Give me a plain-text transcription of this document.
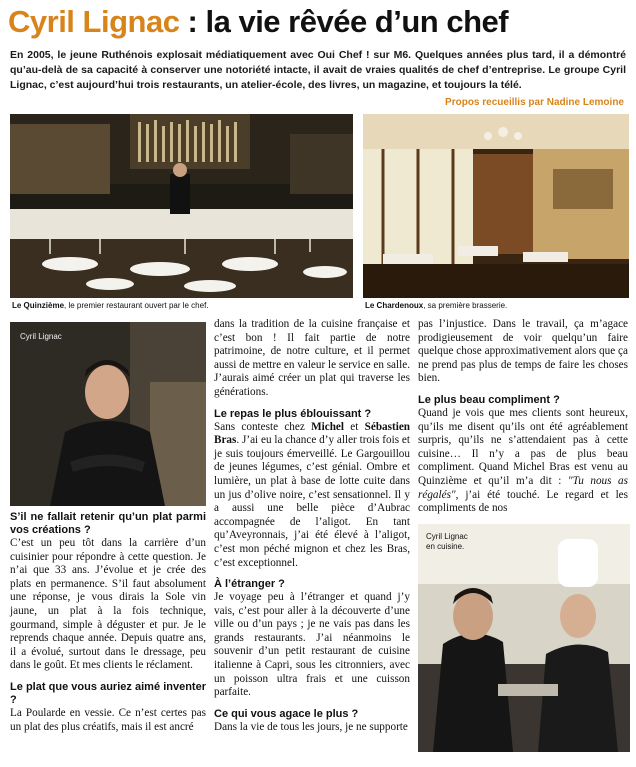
Cyril Lignac : la vie rêvée d’un chef
En 2005, le jeune Ruthénois explosait médiatiquement avec Oui Chef ! sur M6. Quelques années plus tard, il a démontré qu’au-delà de sa capacité à conserver une notoriété intacte, il avait de vraies qualités de chef d’entreprise. Le groupe Cyril Lignac, c’est aujourd’hui trois restaurants, un atelier-école, des livres, un magazine, et toujours la télé.
Propos recueillis par Nadine Lemoine
Le Quinzième, le premier restaurant ouvert par le chef.	Le Chardenoux, sa première brasserie.
Cyril Lignac
Cyril Lignac
en cuisine.
S’il ne fallait retenir qu’un plat parmi vos créations ?

C’est un peu tôt dans la carrière d’un cuisinier pour répondre à cette question. Je n’ai que 33 ans. J’évolue et je crée des plats en permanence. S’il faut absolument une réponse, je vous dirais la Sole vin jaune, un plat à la fois technique, gourmand, simple à déguster et pur. Je le reprends chaque année. Depuis quatre ans, il a évolué, surtout dans le dressage, peu dans le goût. Et mes clients le réclament.

Le plat que vous auriez aimé inventer ?

La Poularde en vessie. Ce n’est certes pas un plat des plus créatifs, mais il est ancré

dans la tradition de la cuisine française et c’est bon ! Il fait partie de notre patrimoine, de notre culture, et il permet aussi de mettre en valeur le service en salle. J’aurais aimé créer un plat qui traverse les générations.

Le repas le plus éblouissant ?

Sans conteste chez Michel et Sébastien Bras. J’ai eu la chance d’y aller trois fois et je suis toujours émerveillé. Le Gargouillou de jeunes légumes, c’est génial. Ombre et lumière, un plat à base de lotte cuite dans un jus d’olive noire, c’est sensationnel. Il y a aussi une belle pièce d’Aubrac accompagnée de l’aligot. En tant qu’Aveyronnais, j’ai été élevé à l’aligot, c’est mon péché mignon et chez les Bras, c’est exceptionnel.

À l’étranger ?

Je voyage peu à l’étranger et quand j’y vais, c’est pour aller à la découverte d’une ville ou d’un pays ; je ne vais pas dans les grands restaurants. J’ai néanmoins le souvenir d’un petit restaurant de cuisine italienne à Capri, sous les citronniers, avec un poisson ultra frais et une cuisson parfaite.

Ce qui vous agace le plus ?

Dans la vie de tous les jours, je ne supporte

pas l’injustice. Dans le travail, ça m’agace prodigieusement de voir quelqu’un faire quelque chose approximativement alors que ça ne prend pas plus de temps de faire les choses bien.

Le plus beau compliment ?

Quand je vois que mes clients sont heureux, qu’ils me disent qu’ils ont été agréablement surpris, qu’ils ne s’attendaient pas à cette cuisine… Il n’y a pas de plus beau compliment. Quand Michel Bras est venu au Quinzième et qu’il m’a dit : "Tu nous as régalés", j’ai été touché. Le regard et les compliments de nos
